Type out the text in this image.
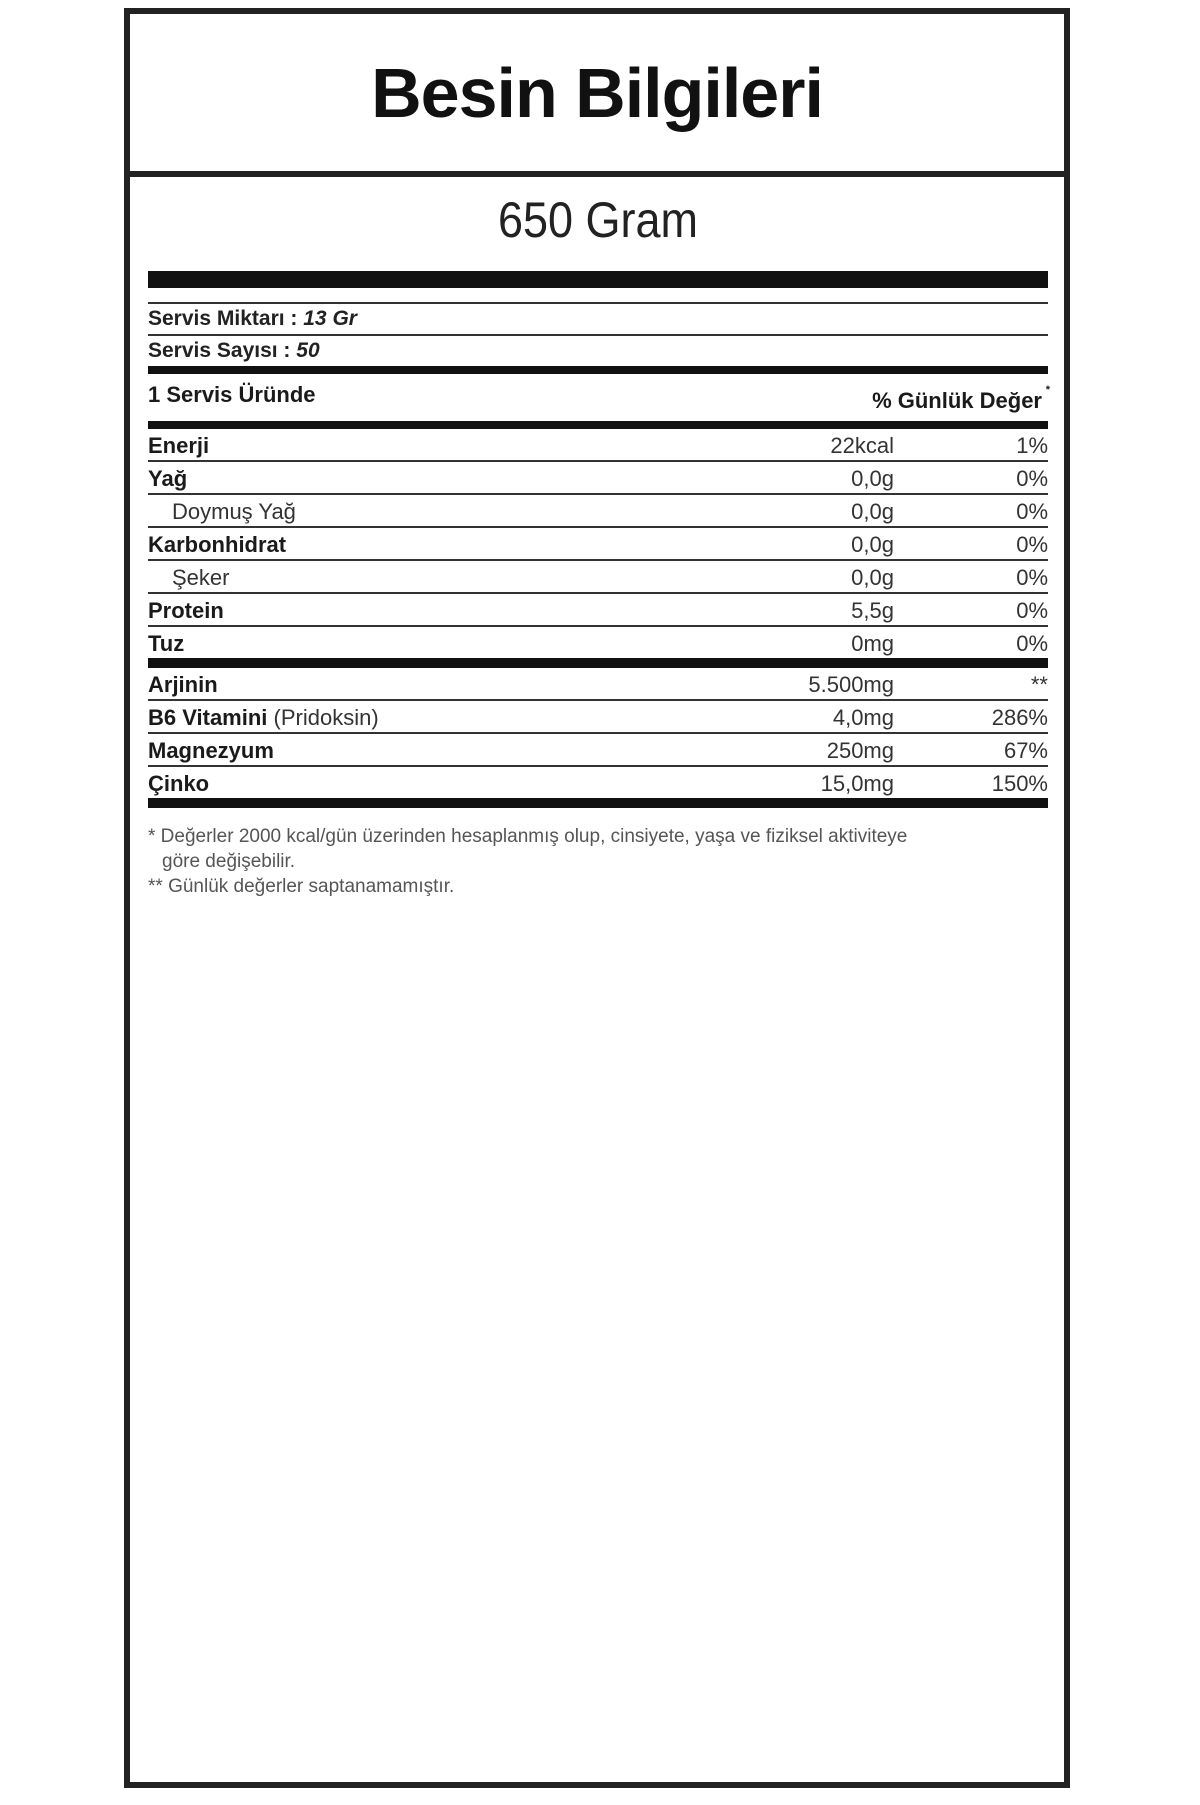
Besin Bilgileri
650 Gram
Servis Miktarı : 13 Gr
Servis Sayısı : 50
1 Servis Üründe	% Günlük Değer *
Enerji	22kcal	1%
Yağ	0,0g	0%
Doymuş Yağ	0,0g	0%
Karbonhidrat	0,0g	0%
Şeker	0,0g	0%
Protein	5,5g	0%
Tuz	0mg	0%
Arjinin	5.500mg	**
B6 Vitamini (Pridoksin)	4,0mg	286%
Magnezyum	250mg	67%
Çinko	15,0mg	150%
* Değerler 2000 kcal/gün üzerinden hesaplanmış olup, cinsiyete, yaşa ve fiziksel aktiviteye
göre değişebilir.
** Günlük değerler saptanamamıştır.
